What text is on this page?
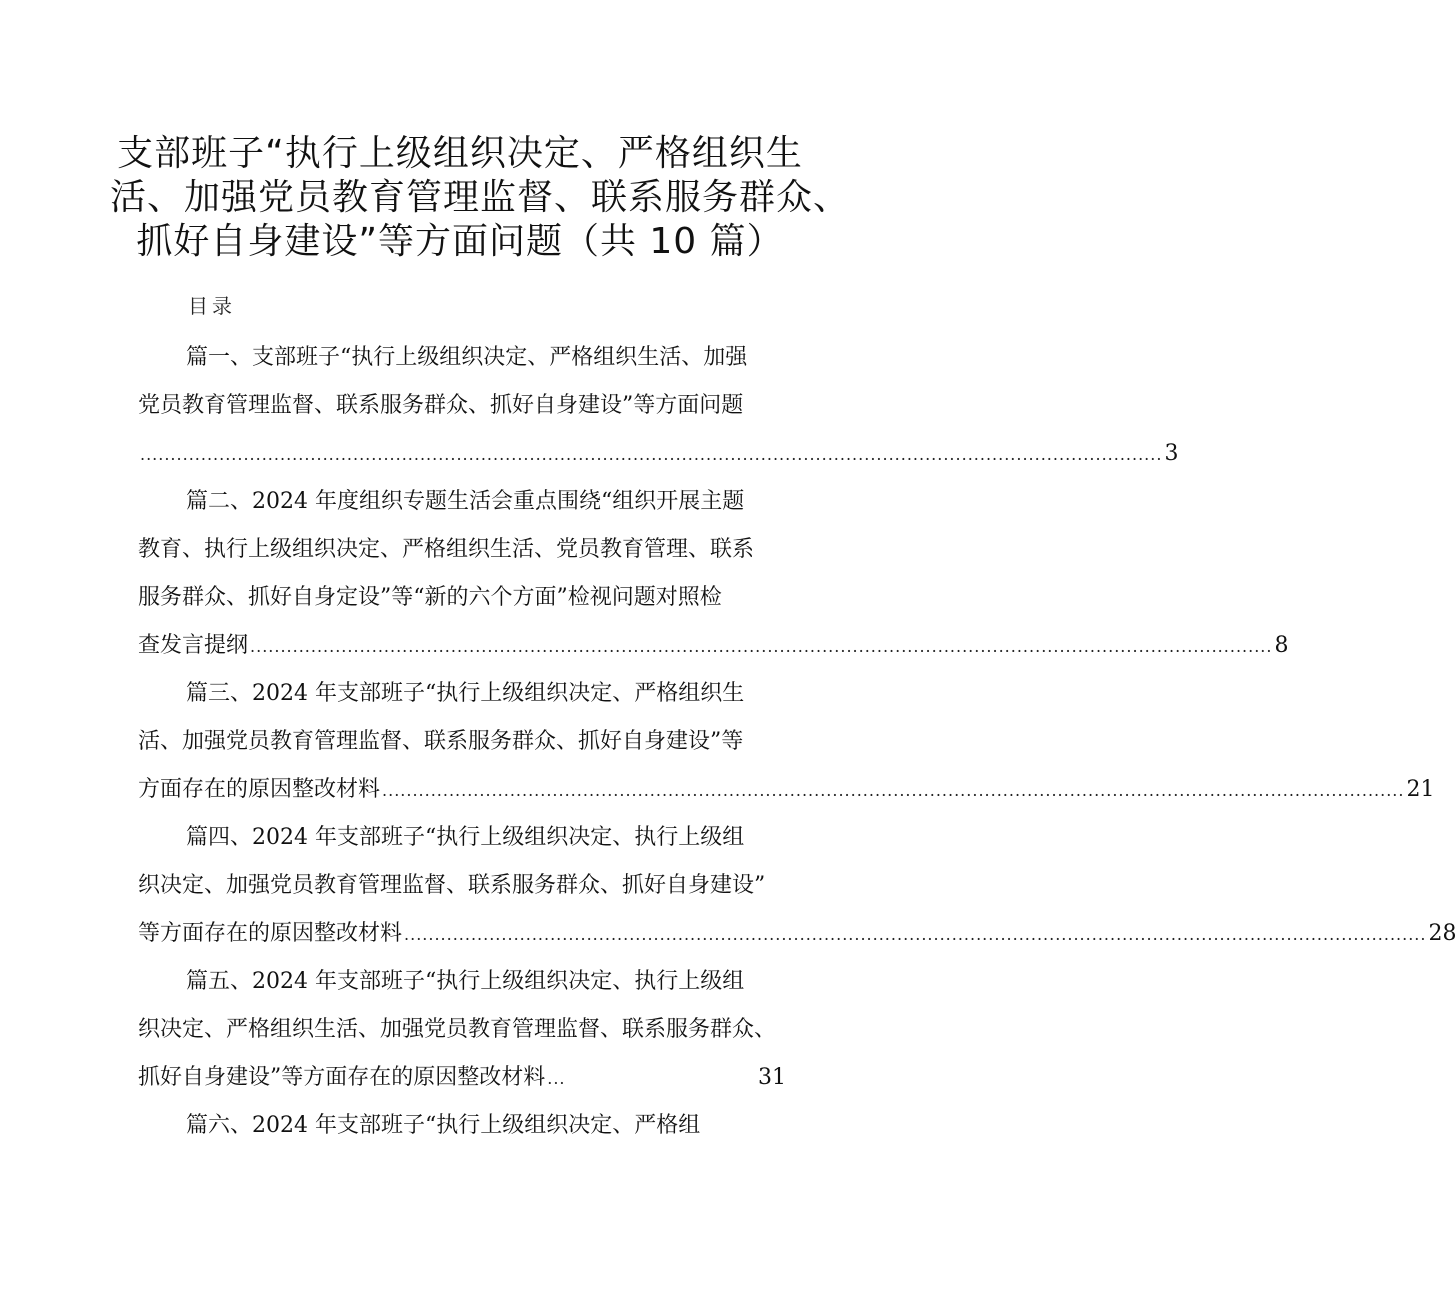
支部班子“执行上级组织决定、严格组织生
活、加强党员教育管理监督、联系服务群众、
抓好自身建设”等方面问题（共 10 篇）
目录
篇一、支部班子“执行上级组织决定、严格组织生活、加强
党员教育管理监督、联系服务群众、抓好自身建设”等方面问题
........................................................................................................................................................................ 3
篇二、2024 年度组织专题生活会重点围绕“组织开展主题
教育、执行上级组织决定、严格组织生活、党员教育管理、联系
服务群众、抓好自身定设”等“新的六个方面”检视问题对照检
查发言提纲 ........................................................................................................................................................................ 8
篇三、2024 年支部班子“执行上级组织决定、严格组织生
活、加强党员教育管理监督、联系服务群众、抓好自身建设”等
方面存在的原因整改材料 ........................................................................................................................................................................ 21
篇四、2024 年支部班子“执行上级组织决定、执行上级组
织决定、加强党员教育管理监督、联系服务群众、抓好自身建设”
等方面存在的原因整改材料 ........................................................................................................................................................................ 28
篇五、2024 年支部班子“执行上级组织决定、执行上级组
织决定、严格组织生活、加强党员教育管理监督、联系服务群众、
抓好自身建设”等方面存在的原因整改材料 ...	31
篇六、2024 年支部班子“执行上级组织决定、严格组
